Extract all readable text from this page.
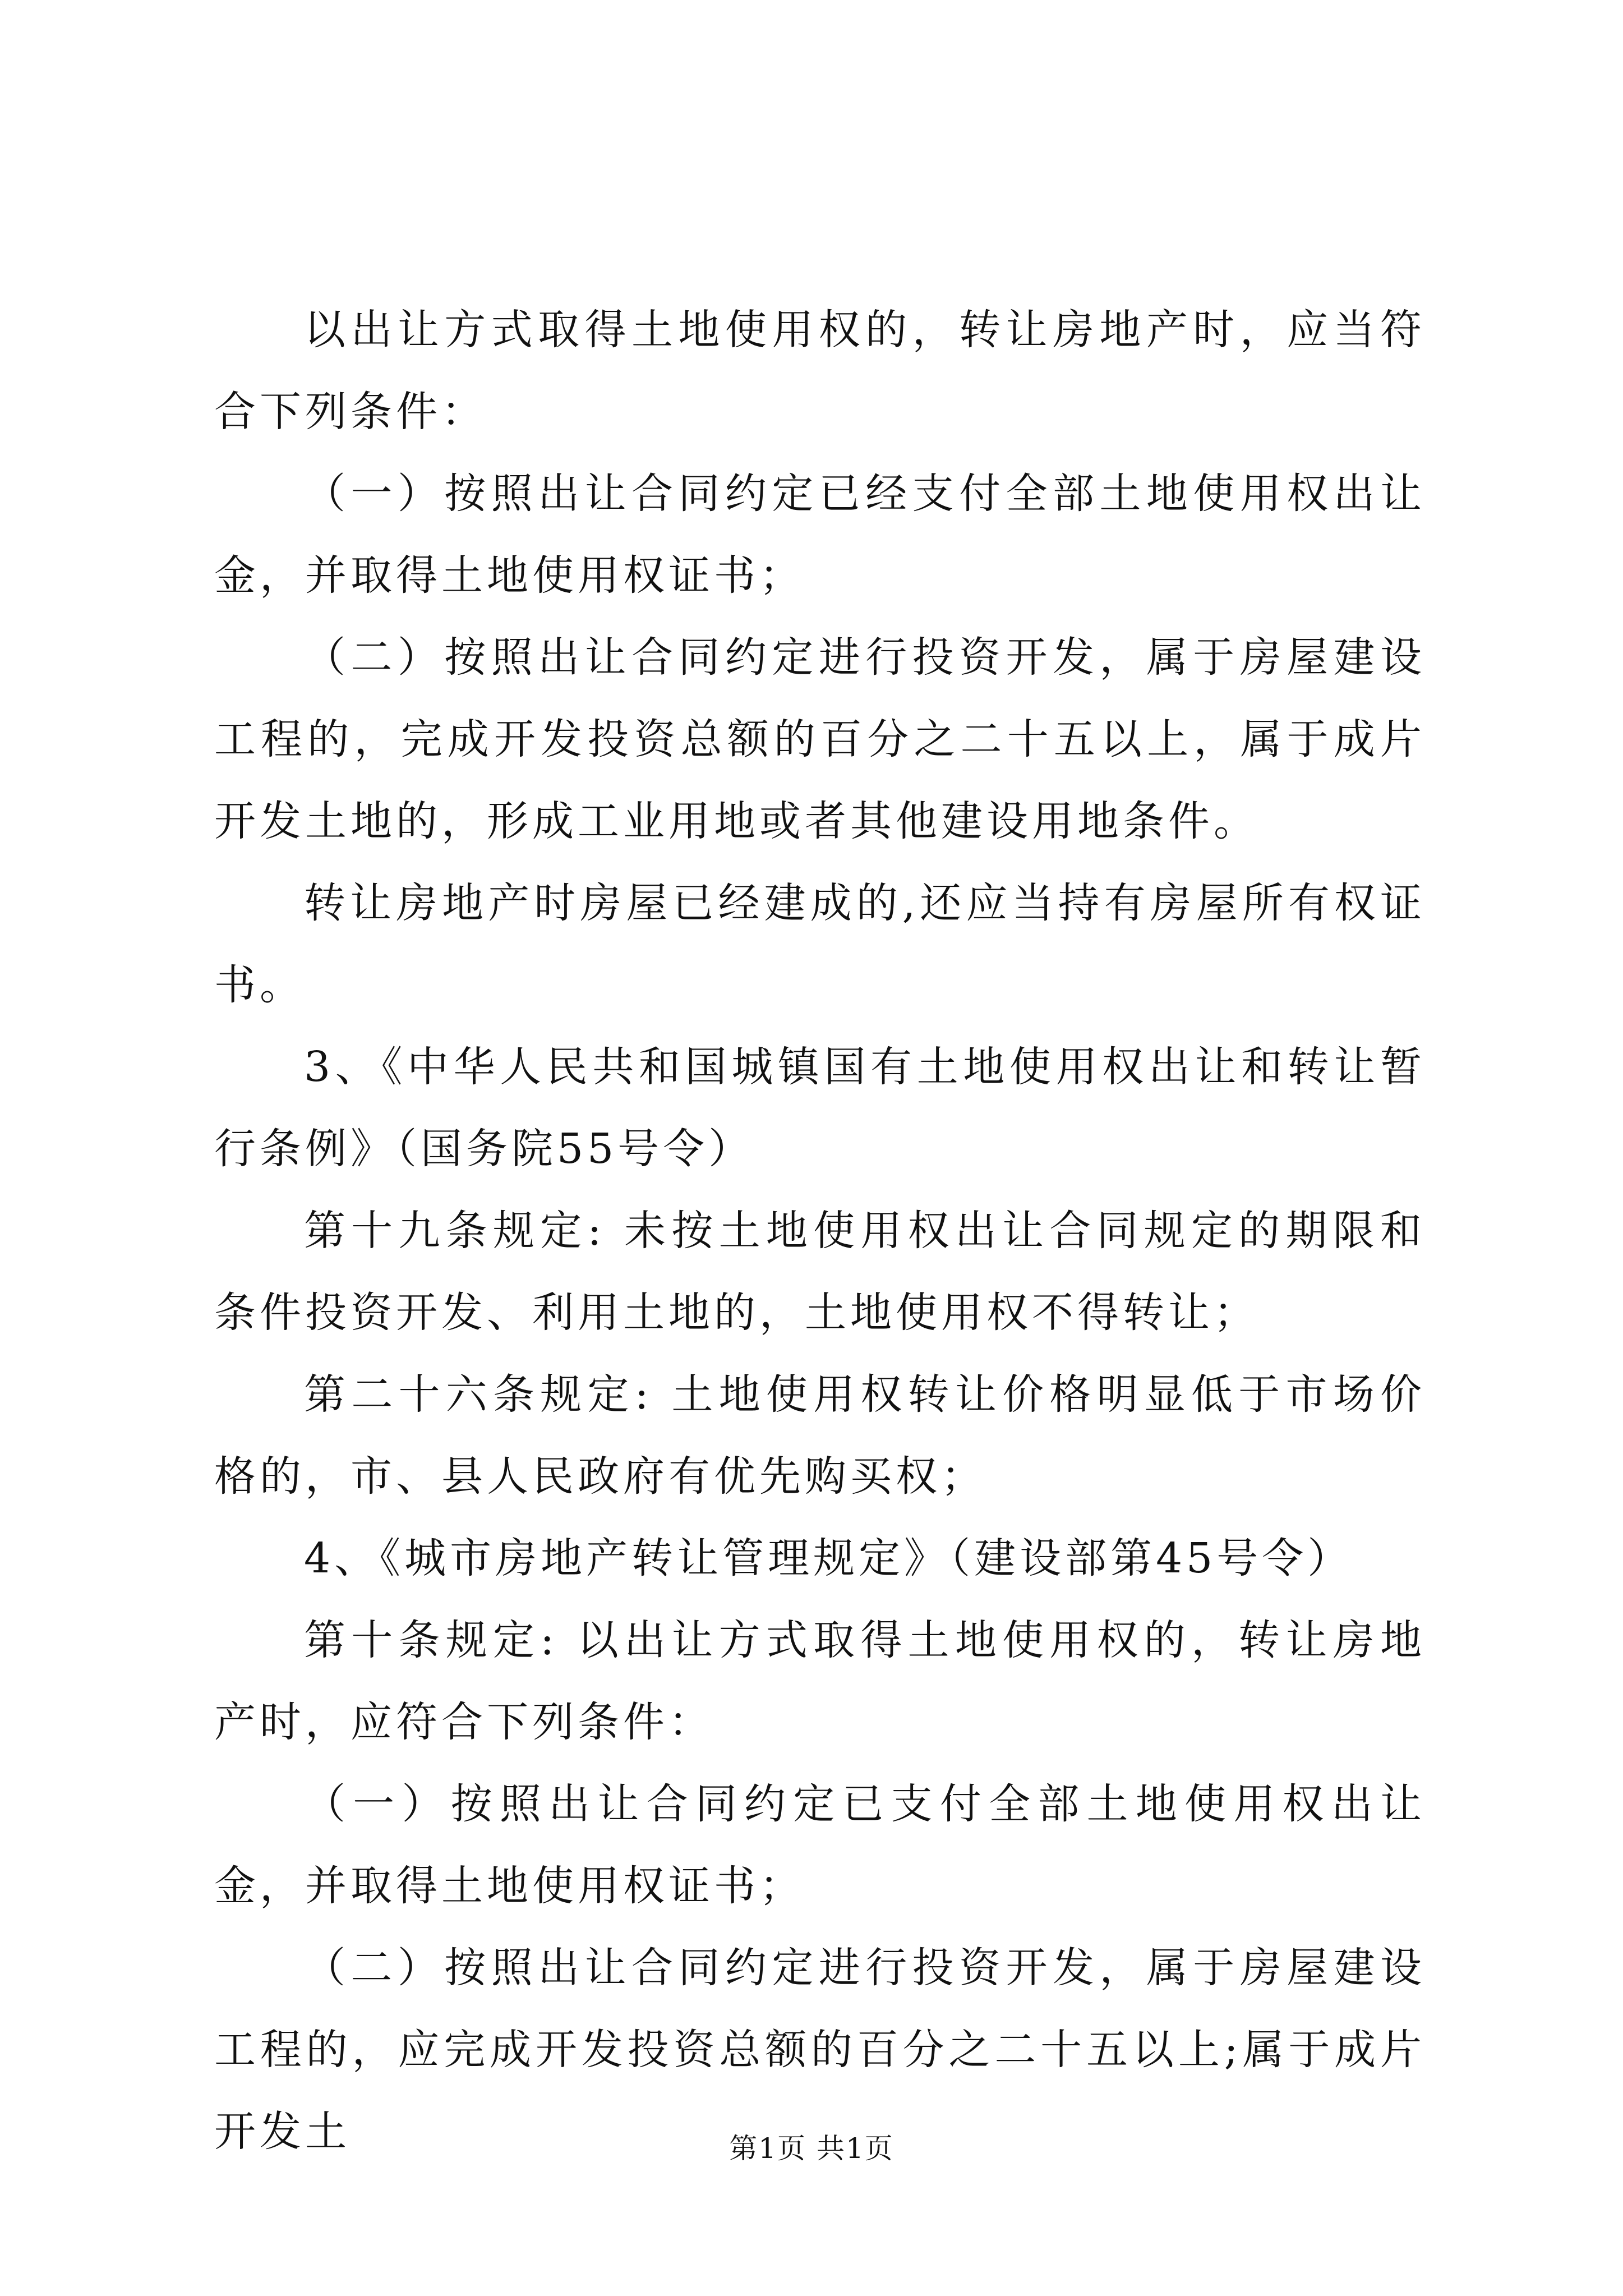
以出让方式取得土地使用权的，转让房地产时，应当符合下列条件：

（一）按照出让合同约定已经支付全部土地使用权出让金，并取得土地使用权证书；

（二）按照出让合同约定进行投资开发，属于房屋建设工程的，完成开发投资总额的百分之二十五以上，属于成片开发土地的，形成工业用地或者其他建设用地条件。

转让房地产时房屋已经建成的,还应当持有房屋所有权证书。

3、《中华人民共和国城镇国有土地使用权出让和转让暂行条例》（国务院55号令）

第十九条规定: 未按土地使用权出让合同规定的期限和条件投资开发、利用土地的，土地使用权不得转让；

第二十六条规定: 土地使用权转让价格明显低于市场价格的，市、县人民政府有优先购买权；

4、《城市房地产转让管理规定》（建设部第45号令）

第十条规定: 以出让方式取得土地使用权的，转让房地产时，应符合下列条件：

（一）按照出让合同约定已支付全部土地使用权出让金，并取得土地使用权证书；

（二）按照出让合同约定进行投资开发，属于房屋建设工程的，应完成开发投资总额的百分之二十五以上;属于成片开发土	第1页 共1页
